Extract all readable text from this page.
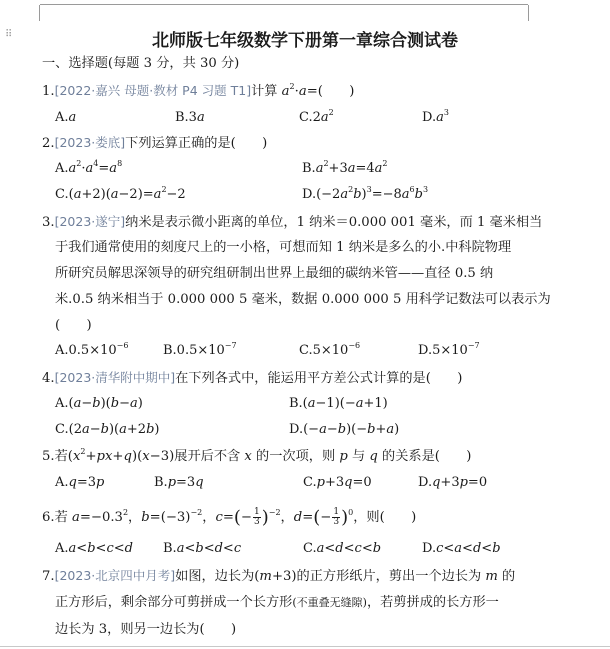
⠿	北师版七年级数学下册第一章综合测试卷
一、选择题(每题 3 分，共 30 分)
1.[2022·嘉兴 母题·教材 P4 习题 T1]计算 $a^2\cdot a=$(　　)
A.a	B.3a	$C.2a^2$	$D.a^3$
2.[2023·娄底]下列运算正确的是(　　)
$A.a^2\cdot a^4=a^8$	$B.a^2+3a=4a^2$
$C.(a+2)(a-2)=a^2-2$	$D.(-2a^2b)^3=-8a^6b^3$
3.[2023·遂宁]纳米是表示微小距离的单位，1 纳米＝0.000 001 毫米，而 1 毫米相当
于我们通常使用的刻度尺上的一小格，可想而知 1 纳米是多么的小.中科院物理
所研究员解思深领导的研究组研制出世界上最细的碳纳米管——直径 0.5 纳
米.0.5 纳米相当于 0.000 000 5 毫米，数据 0.000 000 5 用科学记数法可以表示为
(　　)
$A.0.5\times 10^{-6}$	$B.0.5\times 10^{-7}$	$C.5\times 10^{-6}$	$D.5\times 10^{-7}$
4.[2023·清华附中期中]在下列各式中，能运用平方差公式计算的是(　　)
A.(a−b)(b−a)	B.(a−1)(−a+1)
C.(2a−b)(a+2b)	D.(−a−b)(−b+a)
5.若$(x^2+px+q)(x-3)$展开后不含 x 的一次项，则 p 与 q 的关系是(　　)
A.q=3p	B.p=3q	C.p+3q=0	D.q+3p=0
6.若 $a=-0.3^2$，$b=(-3)^{-2}$，$c=(- \frac{1}{3} )^{-2}$，$d=(- \frac{1}{3} )^0$，则(　　)
A.a<b<c<d B.a<b<d<c	C.a<d<c<b	D.c<a<d<b
7.[2023·北京四中月考]如图，边长为(m+3)的正方形纸片，剪出一个边长为 m 的
正方形后，剩余部分可剪拼成一个长方形(不重叠无缝隙)，若剪拼成的长方形一
边长为 3，则另一边长为(　　)
